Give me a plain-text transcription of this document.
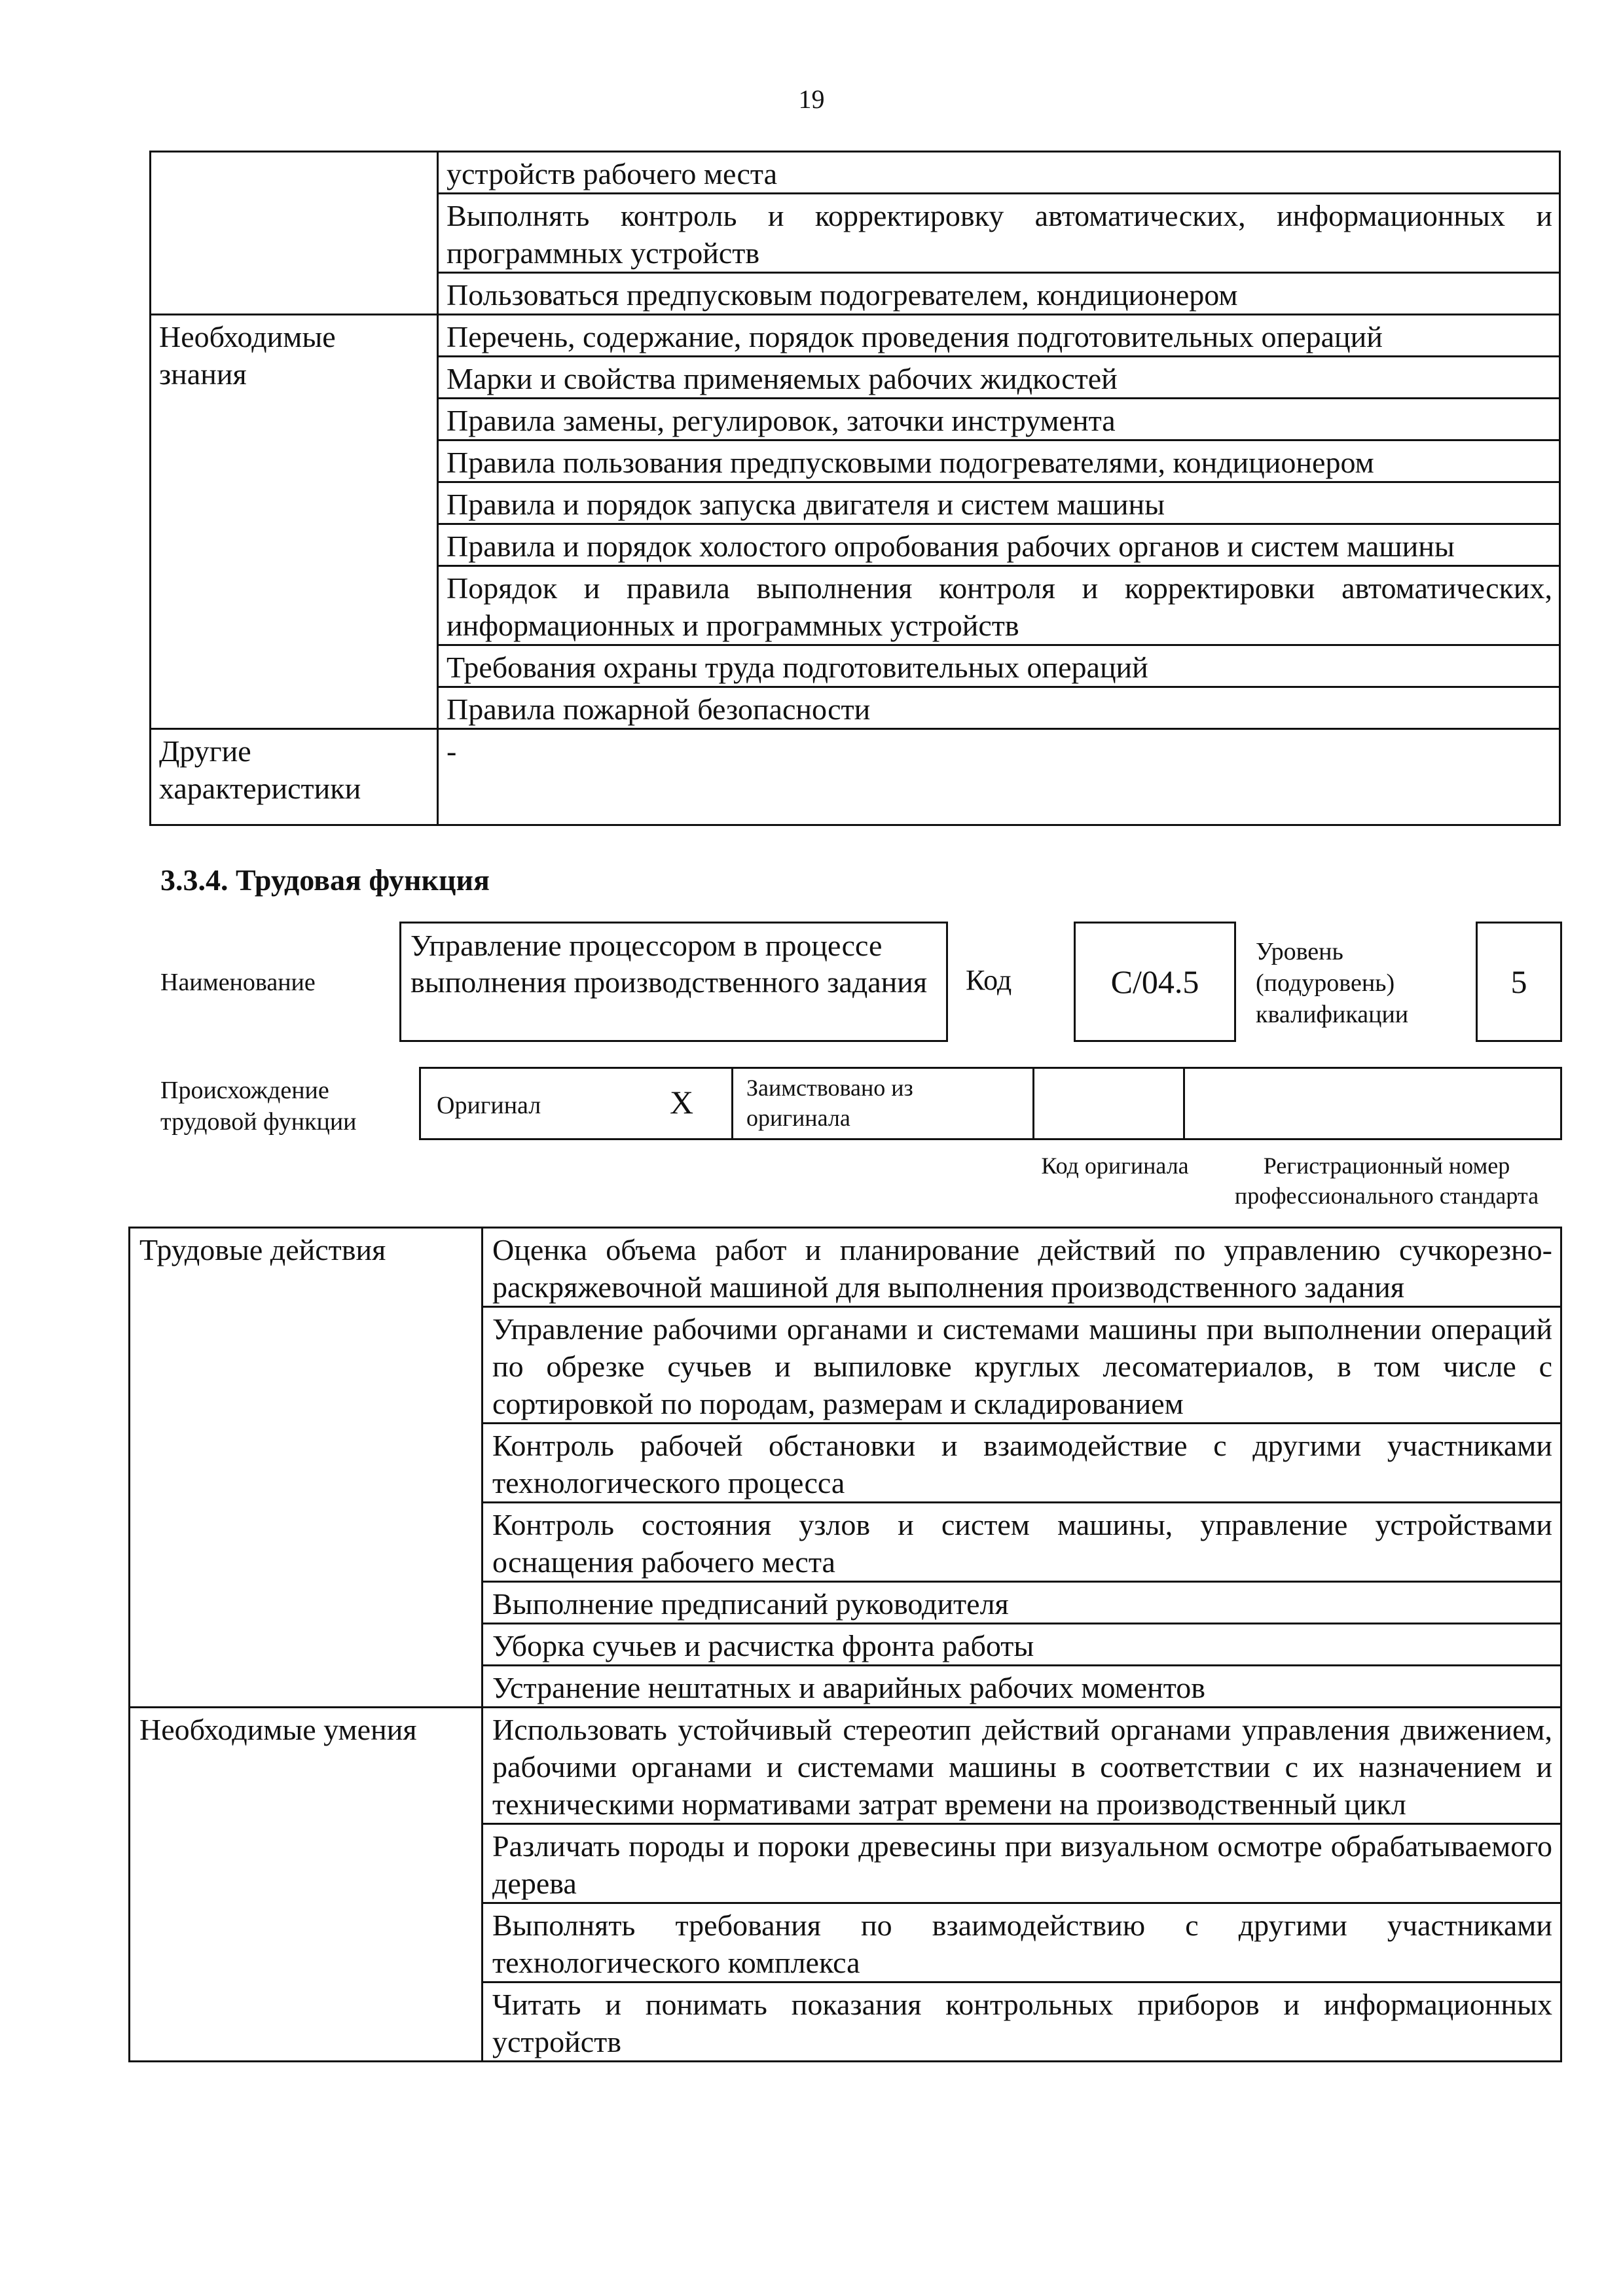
19
	устройств рабочего места
	Выполнять контроль и корректировку автоматических, информационных и программных устройств
	Пользоваться предпусковым подогревателем, кондиционером
Необходимые знания	Перечень, содержание, порядок проведения подготовительных операций
	Марки и свойства применяемых рабочих жидкостей
	Правила замены, регулировок, заточки инструмента
	Правила пользования предпусковыми подогревателями, кондиционером
	Правила и порядок запуска двигателя и систем машины
	Правила и порядок холостого опробования рабочих органов и систем машины
	Порядок и правила выполнения контроля и корректировки автоматических, информационных и программных устройств
	Требования охраны труда подготовительных операций
	Правила пожарной безопасности
Другие характеристики	-
3.3.4. Трудовая функция
Наименование
Управление процессором в процессе выполнения производственного задания	Код	C/04.5
Уровень (подуровень) квалификации
5
Происхождение трудовой функции
Оригинал	X Заимствовано из оригинала
Код оригинала	Регистрационный номер профессионального стандарта
Трудовые действия	Оценка объема работ и планирование действий по управлению сучкорезно-раскряжевочной машиной для выполнения производственного задания
	Управление рабочими органами и системами машины при выполнении операций по обрезке сучьев и выпиловке круглых лесоматериалов, в том числе с сортировкой по породам, размерам и складированием
	Контроль рабочей обстановки и взаимодействие с другими участниками технологического процесса
	Контроль состояния узлов и систем машины, управление устройствами оснащения рабочего места
	Выполнение предписаний руководителя
	Уборка сучьев и расчистка фронта работы
	Устранение нештатных и аварийных рабочих моментов
Необходимые умения	Использовать устойчивый стереотип действий органами управления движением, рабочими органами и системами машины в соответствии с их назначением и техническими нормативами затрат времени на производственный цикл
	Различать породы и пороки древесины при визуальном осмотре обрабатываемого дерева
	Выполнять требования по взаимодействию с другими участниками технологического комплекса
	Читать и понимать показания контрольных приборов и информационных устройств
